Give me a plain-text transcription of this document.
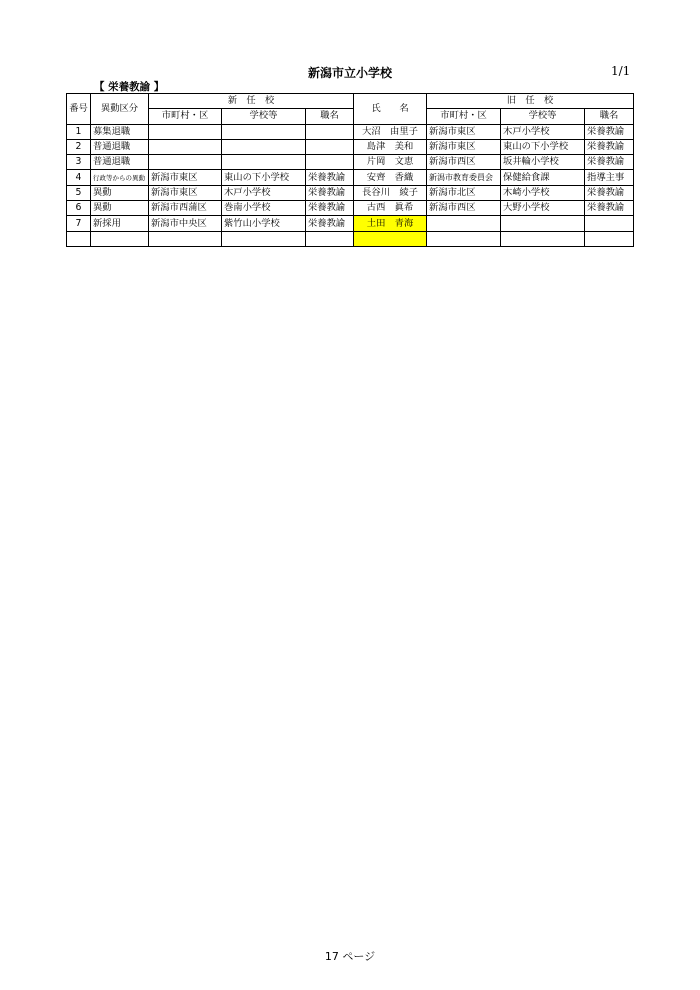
新潟市立小学校	1/1
【 栄養教諭 】
番号	異動区分	新　任　校			氏　　名	旧　任　校		
		市町村・区	学校等	職名		市町村・区	学校等	職名
1	募集退職				大沼　由里子	新潟市東区	木戸小学校	栄養教諭
2	普通退職				島津　美和	新潟市東区	東山の下小学校	栄養教諭
3	普通退職				片岡　文恵	新潟市西区	坂井輪小学校	栄養教諭
4	行政等からの異動	新潟市東区	東山の下小学校	栄養教諭	安齊　香織	新潟市教育委員会	保健給食課	指導主事
5	異動	新潟市東区	木戸小学校	栄養教諭	長谷川　綾子	新潟市北区	木崎小学校	栄養教諭
6	異動	新潟市西蒲区	巻南小学校	栄養教諭	古西　眞希	新潟市西区	大野小学校	栄養教諭
7	新採用	新潟市中央区	紫竹山小学校	栄養教諭	土田　青海			

17 ページ
